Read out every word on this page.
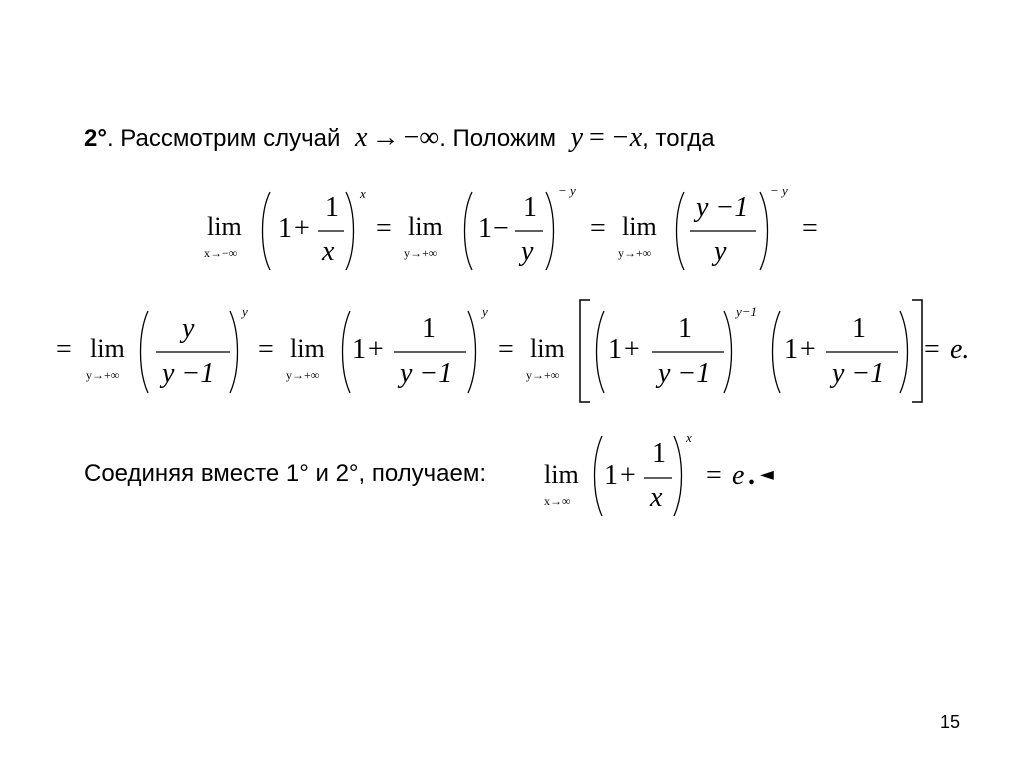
2°. Рассмотрим случай x → −∞. Положим y = −x, тогда
lim
x→−∞
1 +
1
x
x
= lim
y→+∞
1 −
1
y
− y
= lim
y→+∞
y −1
y
− y
=
= lim
y→+∞
y
y −1
y
= lim
y→+∞
1 +
1
y −1
y
= lim
y→+∞
1 +
1
y −1
y−1
1 +
1
y −1
= e.
Соединяя вместе 1° и 2°, получаем: lim
x→∞
1 +
1
x
x
= e . ◄
15
